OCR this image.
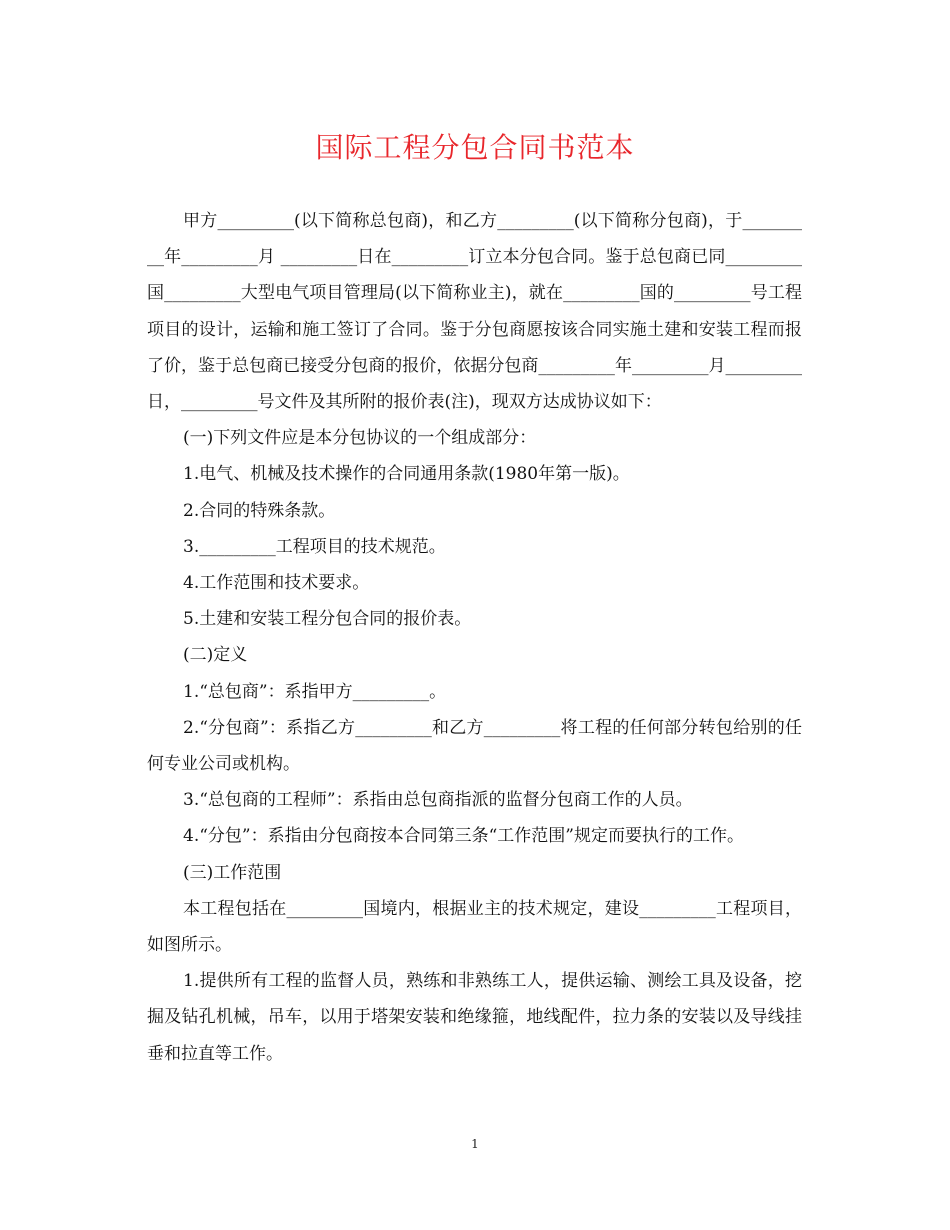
国际工程分包合同书范本

甲方_________(以下简称总包商)，和乙方_________(以下简称分包商)，于_________年_________月 _________日在_________订立本分包合同。鉴于总包商已同_________国_________大型电气项目管理局(以下简称业主)，就在_________国的_________号工程项目的设计，运输和施工签订了合同。鉴于分包商愿按该合同实施土建和安装工程而报了价，鉴于总包商已接受分包商的报价，依据分包商_________年_________月_________日，_________号文件及其所附的报价表(注)，现双方达成协议如下：

(一)下列文件应是本分包协议的一个组成部分：

1.电气、机械及技术操作的合同通用条款(1980年第一版)。

2.合同的特殊条款。

3._________工程项目的技术规范。

4.工作范围和技术要求。

5.土建和安装工程分包合同的报价表。

(二)定义

1.“总包商”：系指甲方_________。

2.“分包商”：系指乙方_________和乙方_________将工程的任何部分转包给别的任何专业公司或机构。

3.“总包商的工程师”：系指由总包商指派的监督分包商工作的人员。

4.“分包”：系指由分包商按本合同第三条“工作范围”规定而要执行的工作。

(三)工作范围

本工程包括在_________国境内，根据业主的技术规定，建设_________工程项目，如图所示。

1.提供所有工程的监督人员，熟练和非熟练工人，提供运输、测绘工具及设备，挖掘及钻孔机械，吊车，以用于塔架安装和绝缘箍，地线配件，拉力条的安装以及导线挂垂和拉直等工作。

1
